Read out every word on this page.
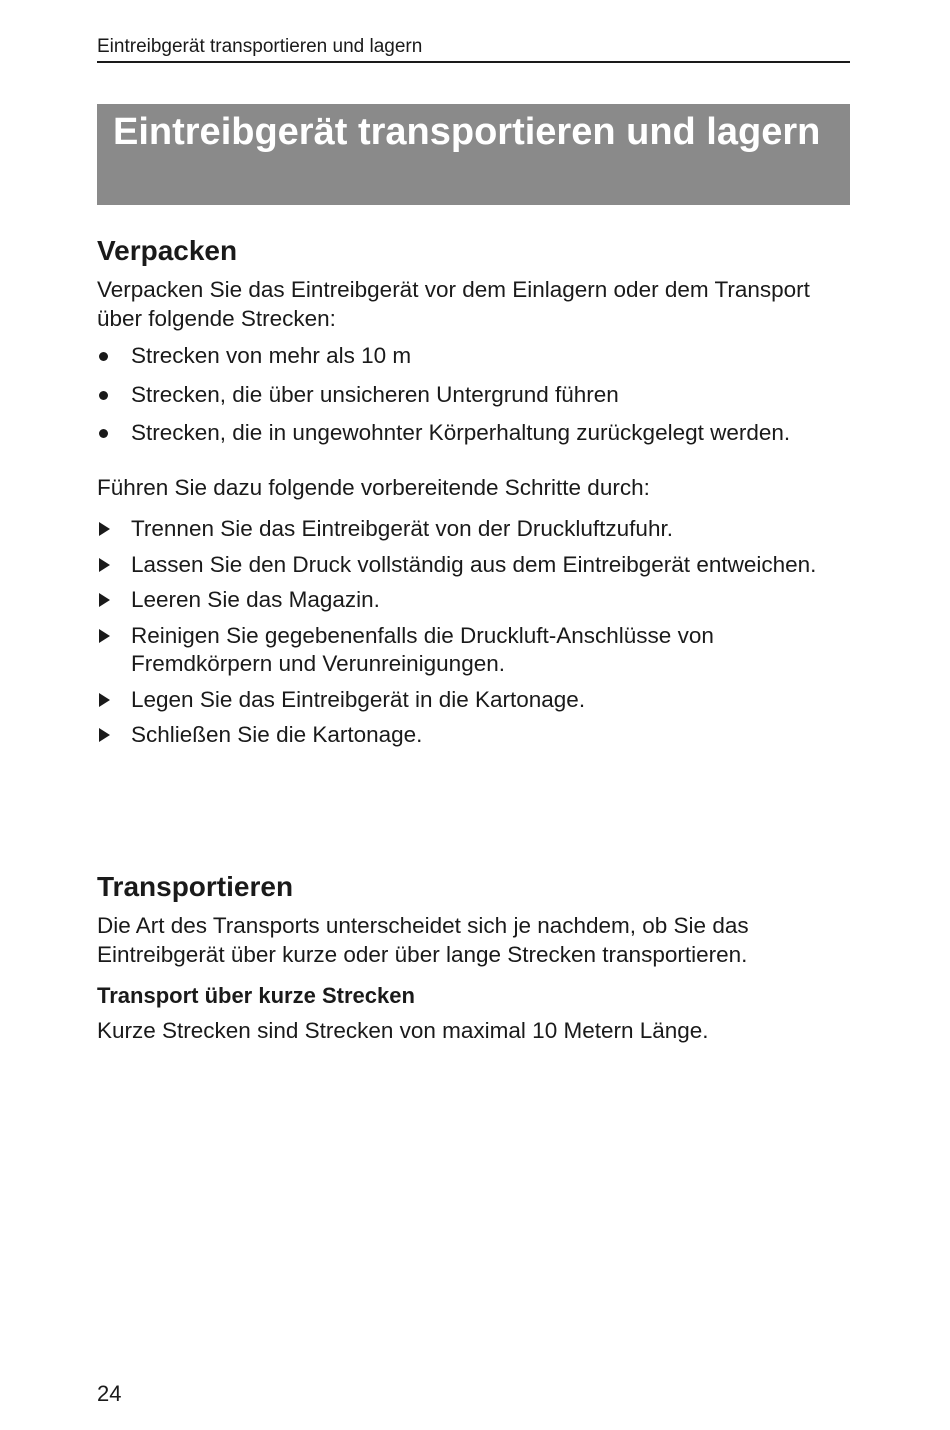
Eintreibgerät transportieren und lagern
Eintreibgerät transportieren und lagern
Verpacken

Verpacken Sie das Eintreibgerät vor dem Einlagern oder dem Transport über folgende Strecken:

Strecken von mehr als 10 m
Strecken, die über unsicheren Untergrund führen
Strecken, die in ungewohnter Körperhaltung zurückgelegt werden.

Führen Sie dazu folgende vorbereitende Schritte durch:

Trennen Sie das Eintreibgerät von der Druckluftzufuhr.
Lassen Sie den Druck vollständig aus dem Eintreibgerät entweichen.
Leeren Sie das Magazin.
Reinigen Sie gegebenenfalls die Druckluft-Anschlüsse von Fremdkörpern und Verunreinigungen.
Legen Sie das Eintreibgerät in die Kartonage.
Schließen Sie die Kartonage.
Transportieren

Die Art des Transports unterscheidet sich je nachdem, ob Sie das Eintreibgerät über kurze oder über lange Strecken transportieren.

Transport über kurze Strecken

Kurze Strecken sind Strecken von maximal 10 Metern Länge.

24
